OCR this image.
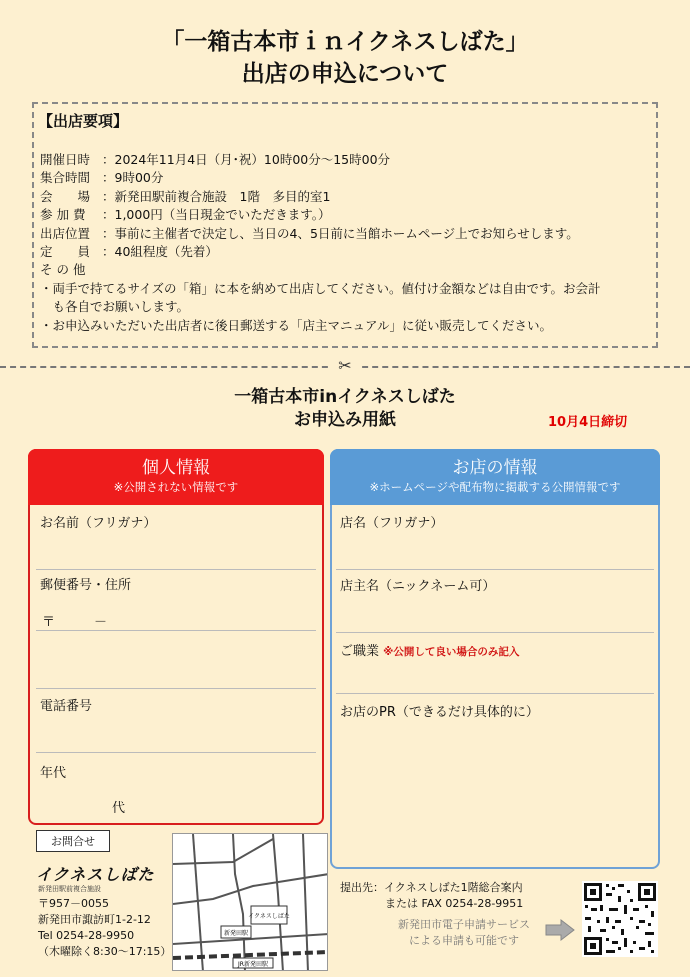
「一箱古本市ｉｎイクネスしばた」
出店の申込について
【出店要項】
開催日時 ：2024年11月4日（月･祝）10時00分～15時00分
集合時間 ：9時00分
会　　場 ：新発田駅前複合施設　1階　多目的室1
参 加 費 ：1,000円（当日現金でいただきます。）
出店位置 ：事前に主催者で決定し、当日の4、5日前に当館ホームページ上でお知らせします。
定　　員 ：40組程度（先着）
そ の 他
・両手で持てるサイズの「箱」に本を納めて出店してください。値付け金額などは自由です。お会計
　も各自でお願いします。
・お申込みいただいた出店者に後日郵送する「店主マニュアル」に従い販売してください。
✂
一箱古本市inイクネスしばた
お申込み用紙	10月4日締切
個人情報
※公開されない情報です
お名前（フリガナ）
郵便番号・住所
〒	－
電話番号
年代
代
お店の情報
※ホームページや配布物に掲載する公開情報です
店名（フリガナ）
店主名（ニックネーム可）
ご職業 ※公開して良い場合のみ記入
お店のPR（できるだけ具体的に）
お問合せ
イクネスしばた
新発田駅前複合施設
〒957－0055
新発田市諏訪町1-2-12
Tel 0254-28-9950
（木曜除く8:30～17:15）
イクネスしばた
新発田駅
JR新発田駅
提出先：イクネスしばた1階総合案内
または FAX 0254-28-9951
新発田市電子申請サービス
による申請も可能です
